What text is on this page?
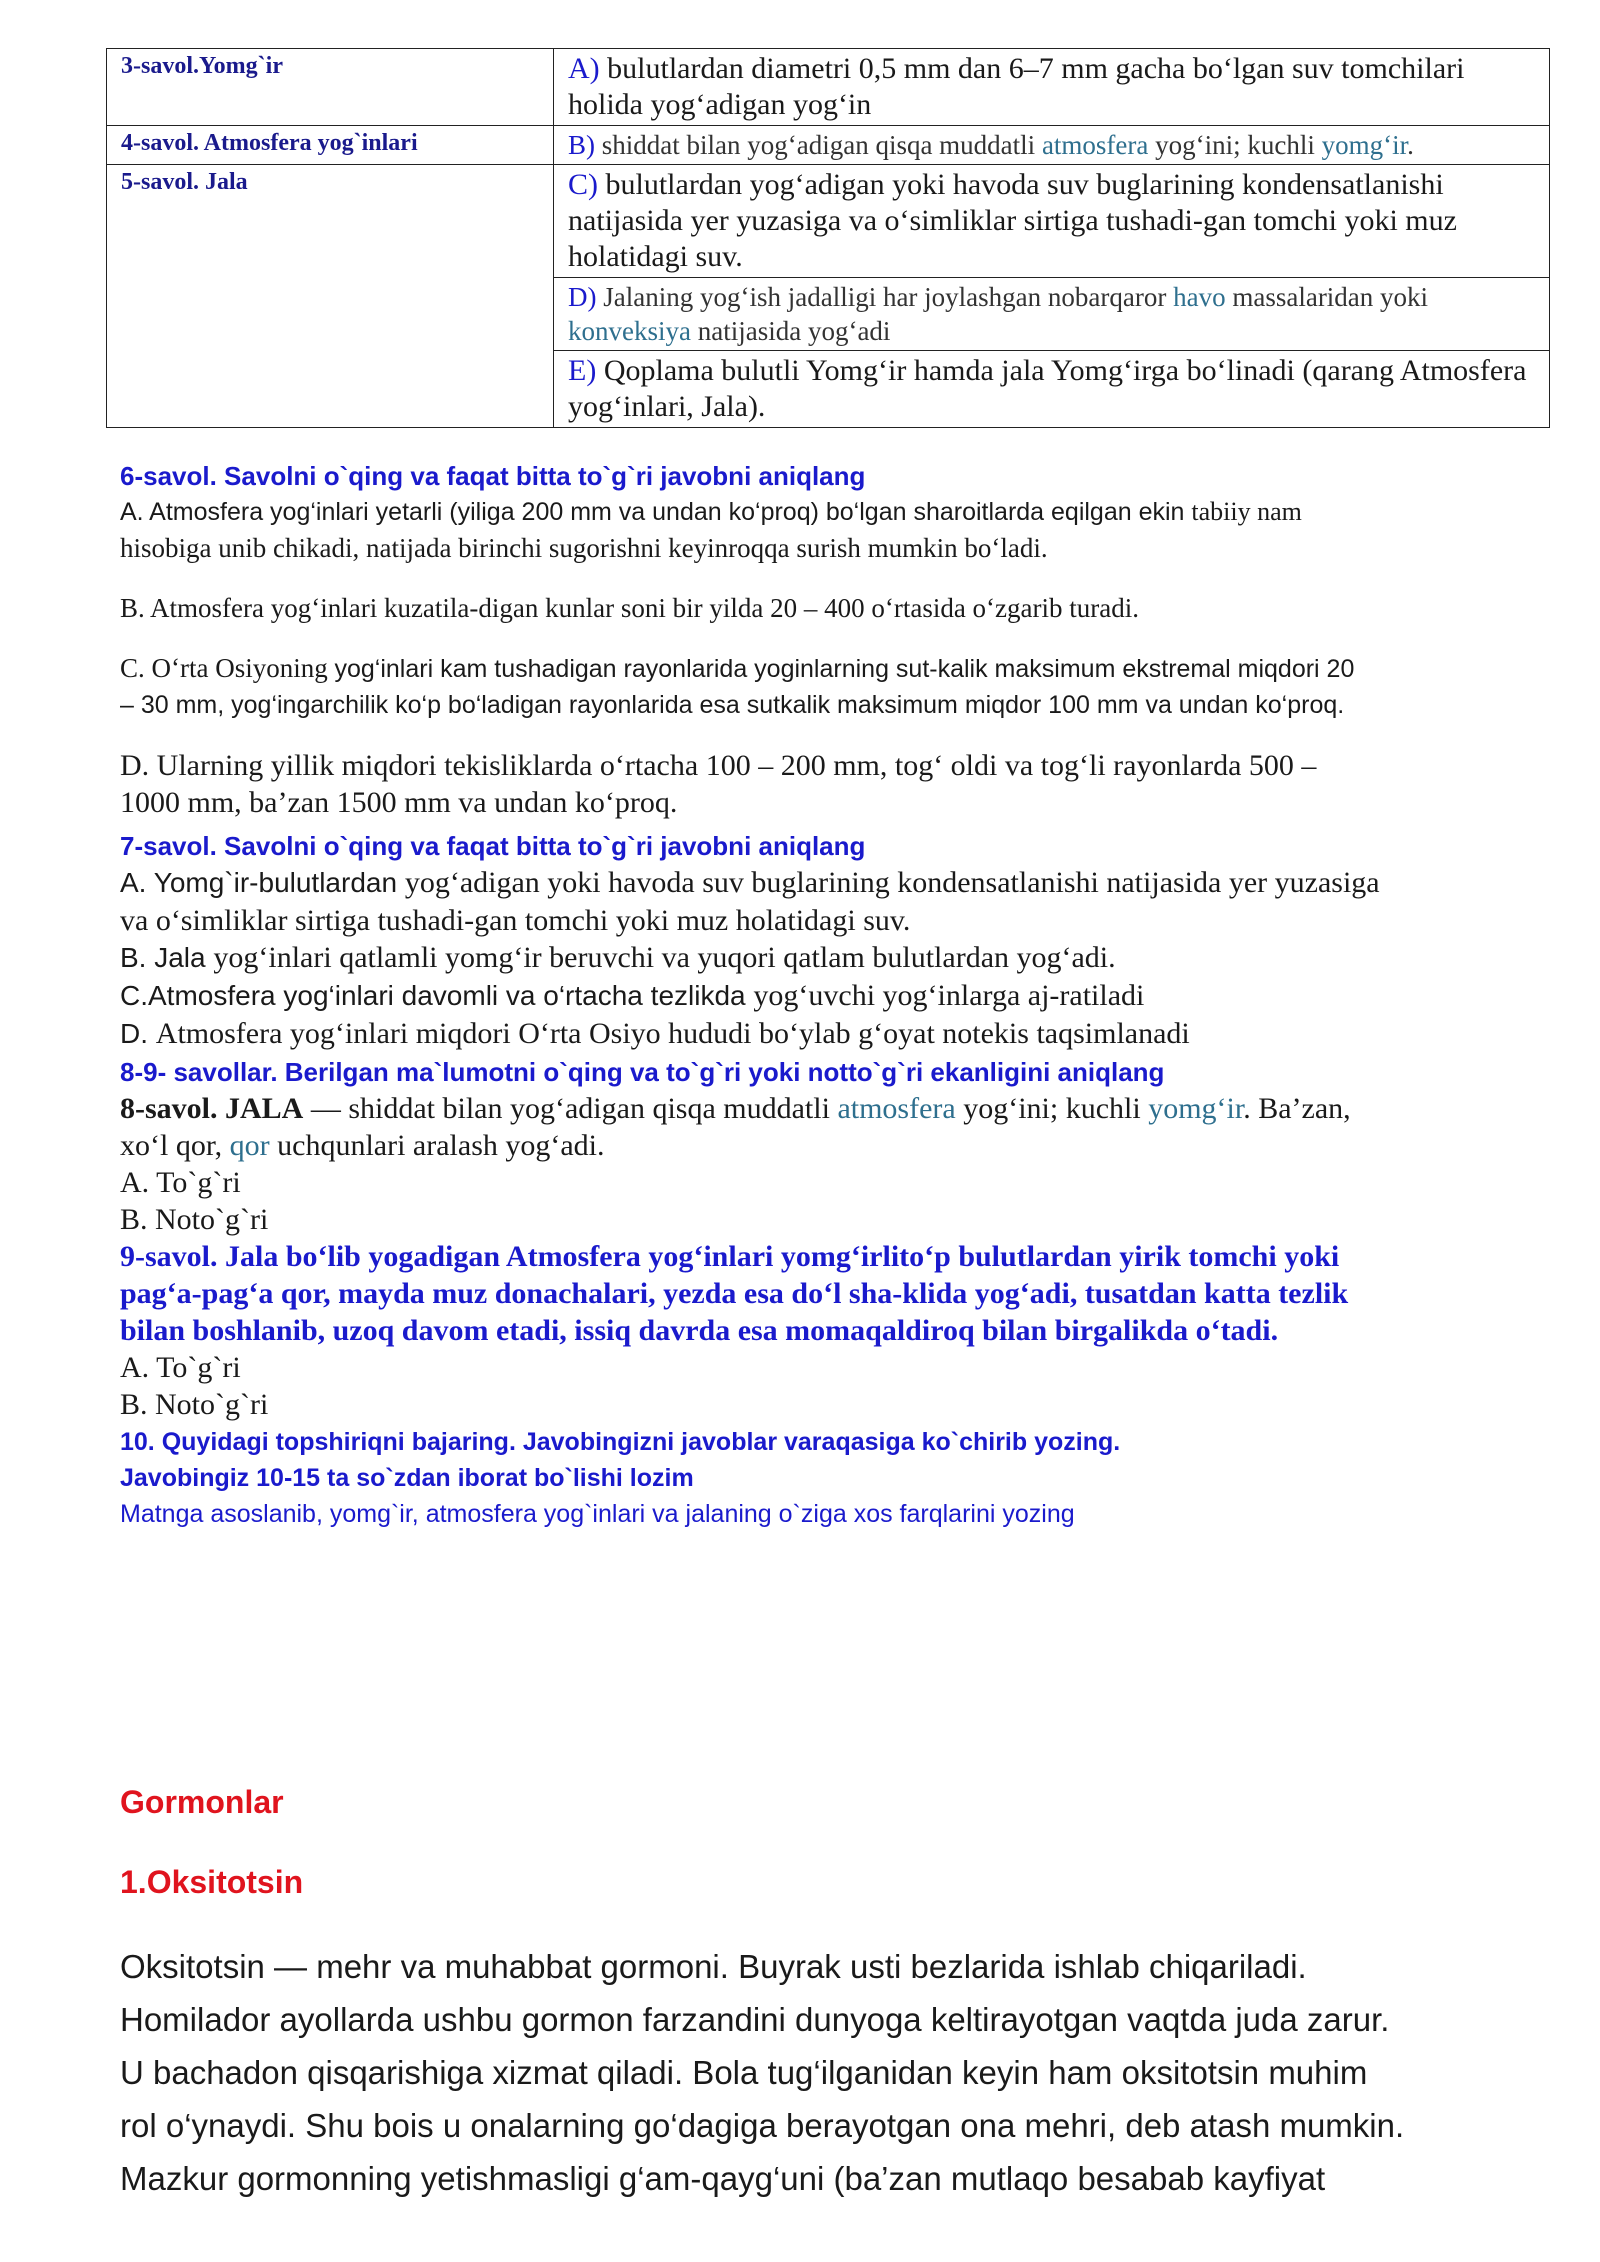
3-savol.Yomg`ir	A) bulutlardan diametri 0,5 mm dan 6–7 mm gacha bo‘lgan suv tomchilari holida yog‘adigan yog‘in
4-savol. Atmosfera yog`inlari	B) shiddat bilan yog‘adigan qisqa muddatli atmosfera yog‘ini; kuchli yomg‘ir.
5-savol. Jala	C) bulutlardan yog‘adigan yoki havoda suv buglarining kondensatlanishi natijasida yer yuzasiga va o‘simliklar sirtiga tushadi-gan tomchi yoki muz holatidagi suv.
	D) Jalaning yog‘ish jadalligi har joylashgan nobarqaror havo massalaridan yoki konveksiya natijasida yog‘adi
	E) Qoplama bulutli Yomg‘ir hamda jala Yomg‘irga bo‘linadi (qarang Atmosfera yog‘inlari, Jala).
6-savol. Savolni o`qing va faqat bitta to`g`ri javobni aniqlang
A. Atmosfera yog‘inlari yetarli (yiliga 200 mm va undan ko‘proq) bo‘lgan sharoitlarda eqilgan ekin tabiiy nam
hisobiga unib chikadi, natijada birinchi sugorishni keyinroqqa surish mumkin bo‘ladi.
B. Atmosfera yog‘inlari kuzatila-digan kunlar soni bir yilda 20 – 400 o‘rtasida o‘zgarib turadi.
C. O‘rta Osiyoning yog‘inlari kam tushadigan rayonlarida yoginlarning sut-kalik maksimum ekstremal miqdori 20
– 30 mm, yog‘ingarchilik ko‘p bo‘ladigan rayonlarida esa sutkalik maksimum miqdor 100 mm va undan ko‘proq.
D. Ularning yillik miqdori tekisliklarda o‘rtacha 100 – 200 mm, tog‘ oldi va tog‘li rayonlarda 500 –
1000 mm, ba’zan 1500 mm va undan ko‘proq.
7-savol. Savolni o`qing va faqat bitta to`g`ri javobni aniqlang
A. Yomg`ir-bulutlardan yog‘adigan yoki havoda suv buglarining kondensatlanishi natijasida yer yuzasiga
va o‘simliklar sirtiga tushadi-gan tomchi yoki muz holatidagi suv.
B. Jala yog‘inlari qatlamli yomg‘ir beruvchi va yuqori qatlam bulutlardan yog‘adi.
C.Atmosfera yog‘inlari davomli va o‘rtacha tezlikda yog‘uvchi yog‘inlarga aj-ratiladi
D. Atmosfera yog‘inlari miqdori O‘rta Osiyo hududi bo‘ylab g‘oyat notekis taqsimlanadi
8-9- savollar. Berilgan ma`lumotni o`qing va to`g`ri yoki notto`g`ri ekanligini aniqlang
8-savol. JALA — shiddat bilan yog‘adigan qisqa muddatli atmosfera yog‘ini; kuchli yomg‘ir. Ba’zan,
xo‘l qor, qor uchqunlari aralash yog‘adi.
A. To`g`ri
B. Noto`g`ri
9-savol. Jala bo‘lib yogadigan Atmosfera yog‘inlari yomg‘irlito‘p bulutlardan yirik tomchi yoki
pag‘a-pag‘a qor, mayda muz donachalari, yezda esa do‘l sha-klida yog‘adi, tusatdan katta tezlik
bilan boshlanib, uzoq davom etadi, issiq davrda esa momaqaldiroq bilan birgalikda o‘tadi.
A. To`g`ri
B. Noto`g`ri
10. Quyidagi topshiriqni bajaring. Javobingizni javoblar varaqasiga ko`chirib yozing.
Javobingiz 10-15 ta so`zdan iborat bo`lishi lozim
Matnga asoslanib, yomg`ir, atmosfera yog`inlari va jalaning o`ziga xos farqlarini yozing
Gormonlar
1.Oksitotsin
Oksitotsin — mehr va muhabbat gormoni. Buyrak usti bezlarida ishlab chiqariladi.
Homilador ayollarda ushbu gormon farzandini dunyoga keltirayotgan vaqtda juda zarur.
U bachadon qisqarishiga xizmat qiladi. Bola tug‘ilganidan keyin ham oksitotsin muhim
rol o‘ynaydi. Shu bois u onalarning go‘dagiga berayotgan ona mehri, deb atash mumkin.
Mazkur gormonning yetishmasligi g‘am-qayg‘uni (ba’zan mutlaqo besabab kayfiyat
